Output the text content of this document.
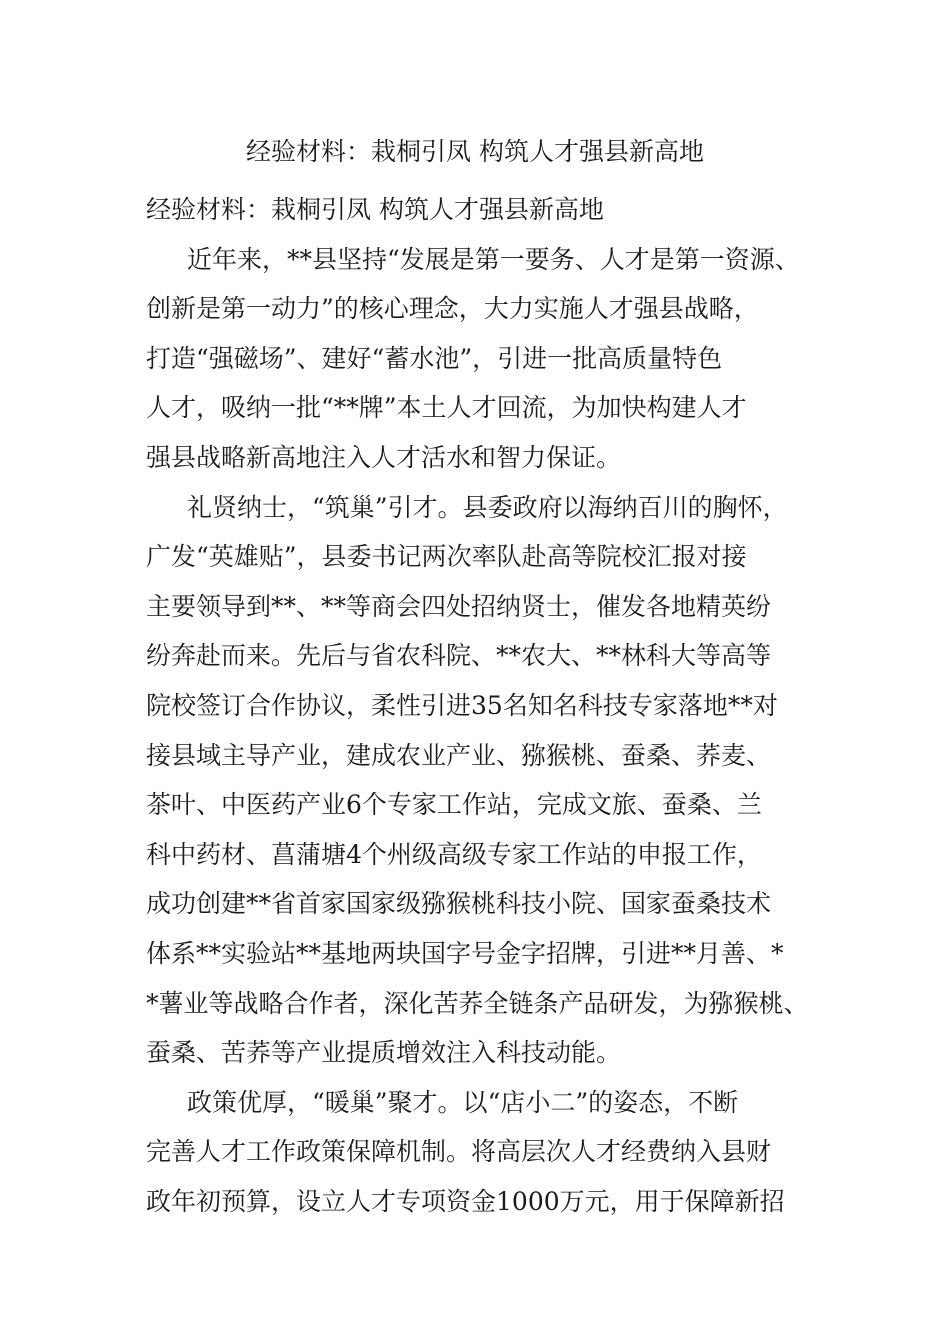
经验材料：栽桐引凤 构筑人才强县新高地
经验材料：栽桐引凤 构筑人才强县新高地
近年来，**县坚持“发展是第一要务、人才是第一资源、
创新是第一动力”的核心理念，大力实施人才强县战略，
打造“强磁场”、建好“蓄水池”，引进一批高质量特色
人才，吸纳一批“**牌”本土人才回流，为加快构建人才
强县战略新高地注入人才活水和智力保证。
礼贤纳士，“筑巢”引才。县委政府以海纳百川的胸怀，
广发“英雄贴”，县委书记两次率队赴高等院校汇报对接
主要领导到**、**等商会四处招纳贤士，催发各地精英纷
纷奔赴而来。先后与省农科院、**农大、**林科大等高等
院校签订合作协议，柔性引进35名知名科技专家落地**对
接县域主导产业，建成农业产业、猕猴桃、蚕桑、荞麦、
茶叶、中医药产业6个专家工作站，完成文旅、蚕桑、兰
科中药材、菖蒲塘4个州级高级专家工作站的申报工作，
成功创建**省首家国家级猕猴桃科技小院、国家蚕桑技术
体系**实验站**基地两块国字号金字招牌，引进**月善、*
*薯业等战略合作者，深化苦荞全链条产品研发，为猕猴桃、
蚕桑、苦荞等产业提质增效注入科技动能。
政策优厚，“暖巢”聚才。以“店小二”的姿态，不断
完善人才工作政策保障机制。将高层次人才经费纳入县财
政年初预算，设立人才专项资金1000万元，用于保障新招
